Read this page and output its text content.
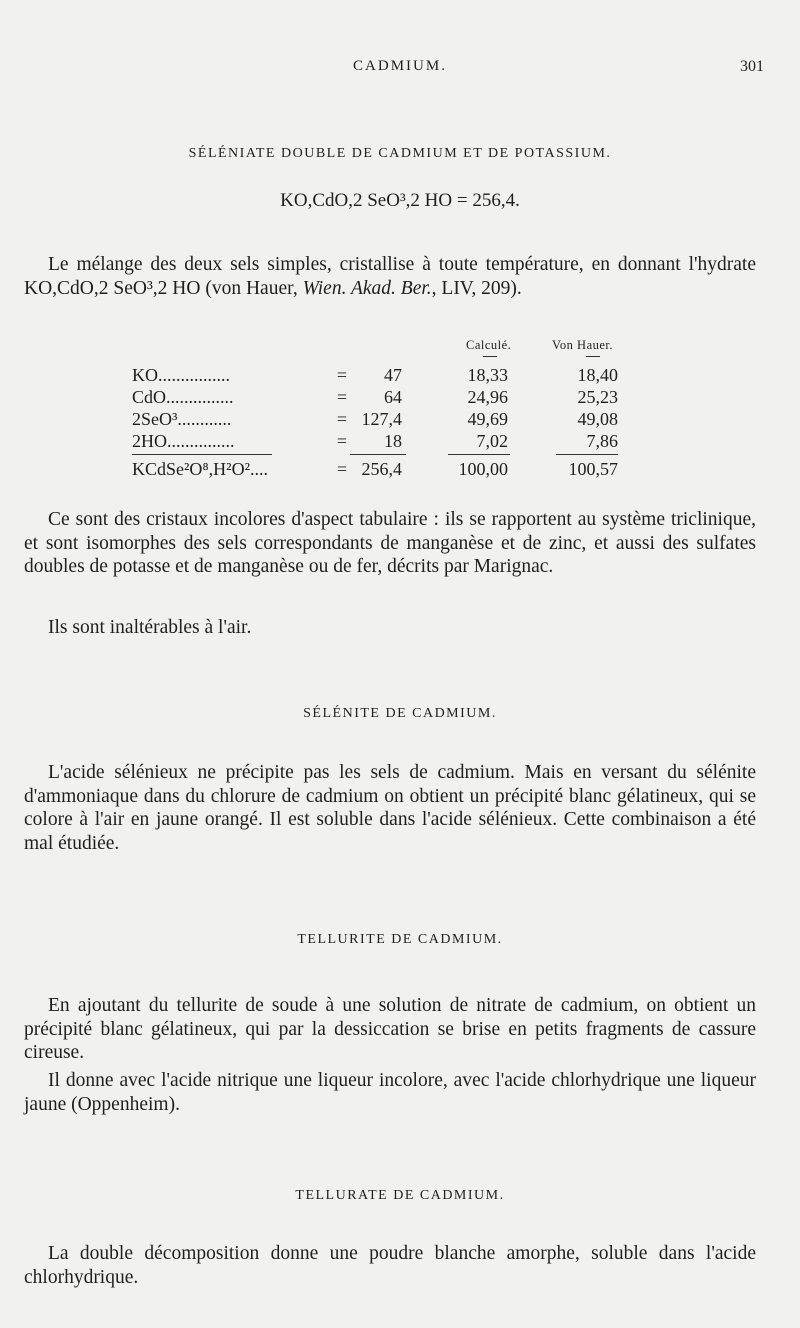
CADMIUM.	301
SÉLÉNIATE DOUBLE DE CADMIUM ET DE POTASSIUM.
KO,CdO,2 SeO³,2 HO = 256,4.

Le mélange des deux sels simples, cristallise à toute température, en donnant l'hydrate KO,CdO,2 SeO³,2 HO (von Hauer, Wien. Akad. Ber., LIV, 209).

Calculé.	Von Hauer.
KO................	=	47	18,33	18,40
CdO...............	=	64	24,96	25,23
2SeO³............	= 127,4	49,69	49,08
2HO...............	=	18	7,02	7,86
KCdSe²O⁸,H²O²....	= 256,4	100,00	100,57

Ce sont des cristaux incolores d'aspect tabulaire : ils se rapportent au système triclinique, et sont isomorphes des sels correspondants de manganèse et de zinc, et aussi des sulfates doubles de potasse et de manganèse ou de fer, décrits par Marignac.

Ils sont inaltérables à l'air.

SÉLÉNITE DE CADMIUM.

L'acide sélénieux ne précipite pas les sels de cadmium. Mais en versant du sélénite d'ammoniaque dans du chlorure de cadmium on obtient un précipité blanc gélatineux, qui se colore à l'air en jaune orangé. Il est soluble dans l'acide sélénieux. Cette combinaison a été mal étudiée.

TELLURITE DE CADMIUM.

En ajoutant du tellurite de soude à une solution de nitrate de cadmium, on obtient un précipité blanc gélatineux, qui par la dessiccation se brise en petits fragments de cassure cireuse.

Il donne avec l'acide nitrique une liqueur incolore, avec l'acide chlorhydrique une liqueur jaune (Oppenheim).

TELLURATE DE CADMIUM.

La double décomposition donne une poudre blanche amorphe, soluble dans l'acide chlorhydrique.
